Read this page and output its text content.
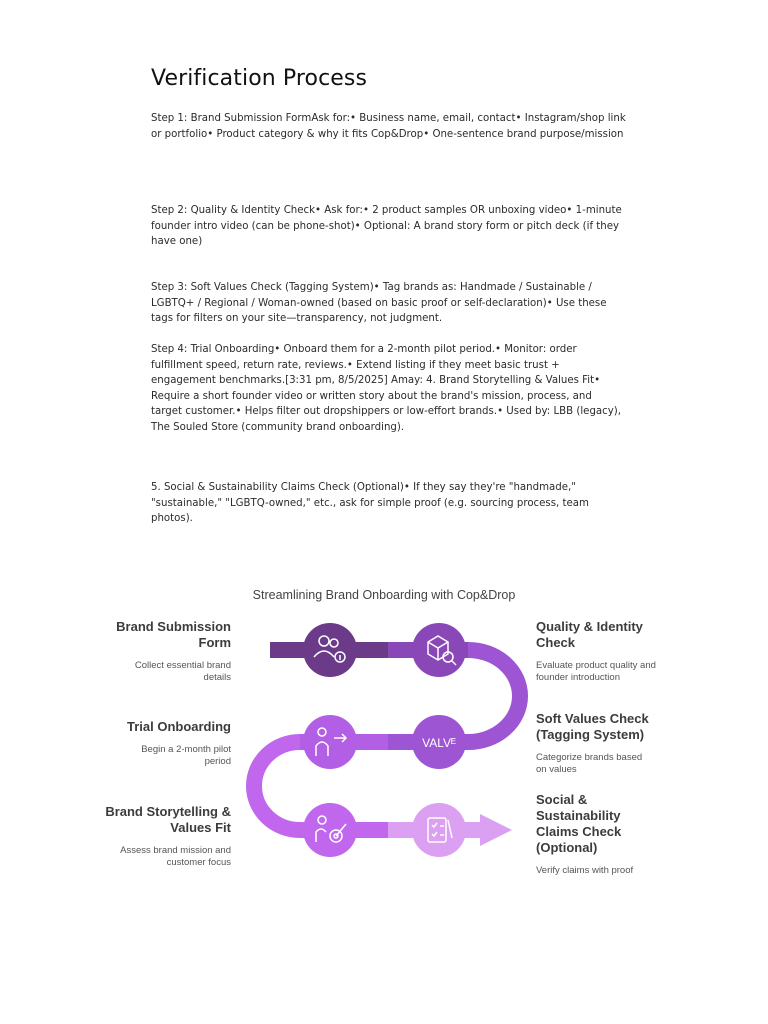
Verification Process
Step 1: Brand Submission FormAsk for:• Business name, email, contact• Instagram/shop link or portfolio• Product category & why it fits Cop&Drop• One-sentence brand purpose/mission
Step 2: Quality & Identity Check• Ask for:• 2 product samples OR unboxing video• 1-minute founder intro video (can be phone-shot)• Optional: A brand story form or pitch deck (if they have one)
Step 3: Soft Values Check (Tagging System)• Tag brands as: Handmade / Sustainable / LGBTQ+ / Regional / Woman-owned (based on basic proof or self-declaration)• Use these tags for filters on your site—transparency, not judgment.
Step 4: Trial Onboarding• Onboard them for a 2-month pilot period.• Monitor: order fulfillment speed, return rate, reviews.• Extend listing if they meet basic trust + engagement benchmarks.[3:31 pm, 8/5/2025] Amay: 4. Brand Storytelling & Values Fit• Require a short founder video or written story about the brand's mission, process, and target customer.• Helps filter out dropshippers or low-effort brands.• Used by: LBB (legacy), The Souled Store (community brand onboarding).
5. Social & Sustainability Claims Check (Optional)• If they say they're "handmade," "sustainable," "LGBTQ-owned," etc., ask for simple proof (e.g. sourcing process, team photos).
Streamlining Brand Onboarding with Cop&Drop
VALVᴱ
Brand Submission Form
Collect essential brand details
Trial Onboarding
Begin a 2-month pilot period
Brand Storytelling & Values Fit
Assess brand mission and customer focus
Quality & Identity Check
Evaluate product quality and founder introduction
Soft Values Check (Tagging System)
Categorize brands based on values
Social & Sustainability Claims Check (Optional)
Verify claims with proof
